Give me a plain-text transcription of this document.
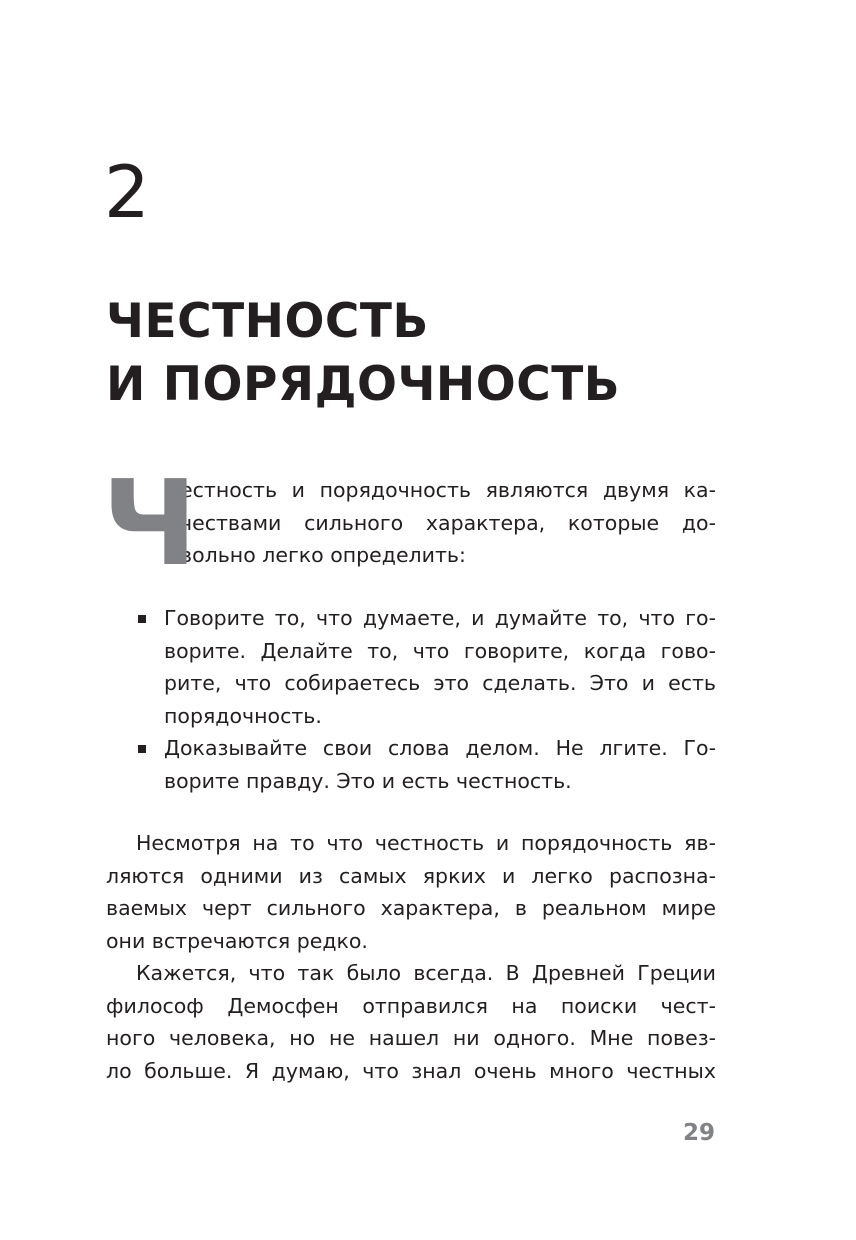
2
ЧЕСТНОСТЬ
И ПОРЯДОЧНОСТЬ
Ч
естность и порядочность являются двумя ка-
чествами сильного характера, которые до-
вольно легко определить:
Говорите то, что думаете, и думайте то, что го-
ворите. Делайте то, что говорите, когда гово-
рите, что собираетесь это сделать. Это и есть
порядочность.
Доказывайте свои слова делом. Не лгите. Го-
ворите правду. Это и есть честность.
Несмотря на то что честность и порядочность яв-
ляются одними из самых ярких и легко распозна-
ваемых черт сильного характера, в реальном мире
они встречаются редко.
Кажется, что так было всегда. В Древней Греции
философ Демосфен отправился на поиски чест-
ного человека, но не нашел ни одного. Мне повез-
ло больше. Я думаю, что знал очень много честных
29
